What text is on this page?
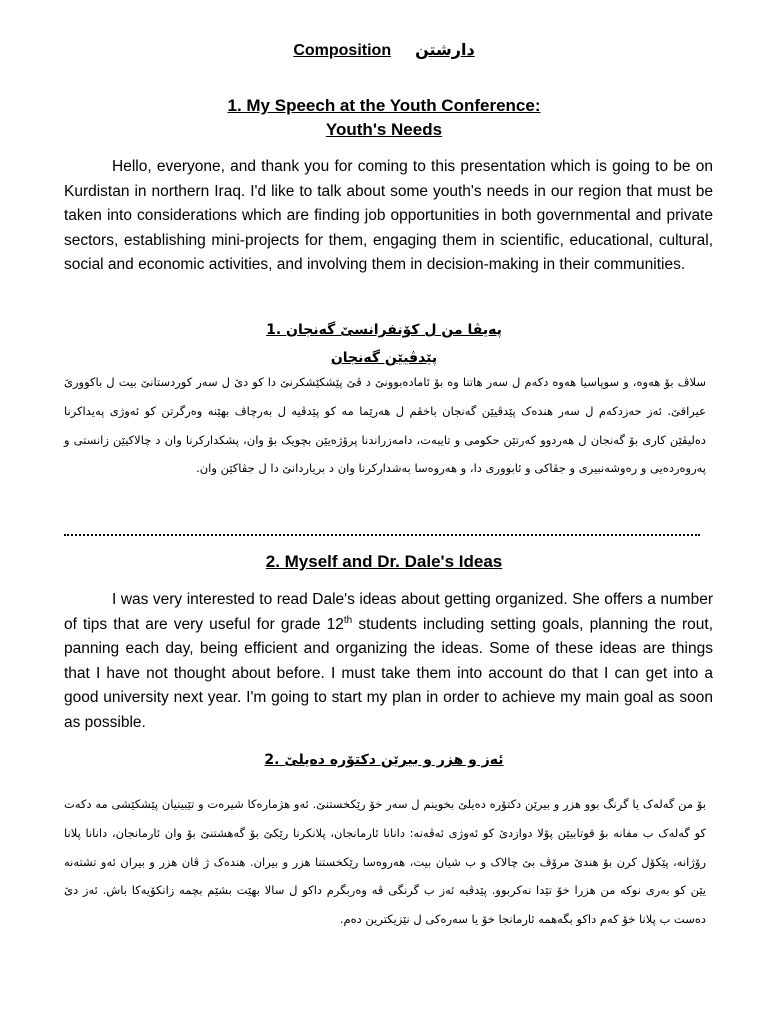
Composition دارشتن
1. My Speech at the Youth Conference:
Youth's Needs

Hello, everyone, and thank you for coming to this presentation which is going to be on Kurdistan in northern Iraq. I'd like to talk about some youth's needs in our region that must be taken into considerations which are finding job opportunities in both governmental and private sectors, establishing mini-projects for them, engaging them in scientific, educational, cultural, social and economic activities, and involving them in decision-making in their communities.

1. پەیڤا من ل کۆنفرانسێ گەنجان
پێدڤیێن گەنجان

سلاڤ بۆ هەوە، و سوپاسیا هەوە دکەم ل سەر هاتنا وە بۆ ئامادەبوونێ د ڤێ پێشکێشکرنێ دا کو دێ ل سەر کوردستانێ بیت ل باکوورێ عیراقێ. ئەز حەزدکەم ل سەر هندەک پێدڤیێن گەنجان باخڤم ل هەرێما مە کو پێدڤیە ل بەرچاڤ بهێنە وەرگرتن کو ئەوژی پەیداکرنا دەلیڤێن کاری بۆ گەنجان ل هەردوو کەرتێن حکومی و تایبەت، دامەزراندنا پرۆژەیێن بچویک بۆ وان، پشکدارکرنا وان د چالاکیێن زانستی و پەروەردەیی و رەوشەنبیری و جڤاکی و ئابووری دا، و هەروەسا بەشدارکرنا وان د بریاردانێ دا ل جڤاکێن وان.

2. Myself and Dr. Dale's Ideas

I was very interested to read Dale's ideas about getting organized. She offers a number of tips that are very useful for grade 12th students including setting goals, planning the rout, panning each day, being efficient and organizing the ideas. Some of these ideas are things that I have not thought about before. I must take them into account do that I can get into a good university next year. I'm going to start my plan in order to achieve my main goal as soon as possible.

2. ئەز و هزر و بیرێن دکتۆرە دەیلێ

بۆ من گەلەک یا گرنگ بوو هزر و بیرێن دکتۆرە دەیلێ بخوینم ل سەر خۆ رێکخستنێ. ئەو هژمارەکا شیرەت و تێبینیان پێشکێشی مە دکەت کو گەلەک ب مفانە بۆ قوتابیێن پۆلا دوازدێ کو ئەوژی ئەڤەنە: دانانا ئارمانجان، پلانکرنا رێکێ بۆ گەهشتنێ بۆ وان ئارمانجان، دانانا پلانا رۆژانە، پێکۆل کرن بۆ هندێ مرۆڤ بێ چالاک و ب شیان بیت، هەروەسا رێکخستنا هزر و بیران. هندەک ژ ڤان هزر و بیران ئەو تشتەنە یێن کو بەری نوکە من هزرا خۆ تێدا نەکربوو. پێدڤیە ئەز ب گرنگی ڤە وەربگرم داکو ل سالا بهێت بشێم بچمە زانکۆیەکا باش. ئەز دێ دەست ب پلانا خۆ کەم داکو بگەهمە ئارمانجا خۆ یا سەرەکی ل نێزیکترین دەم.
